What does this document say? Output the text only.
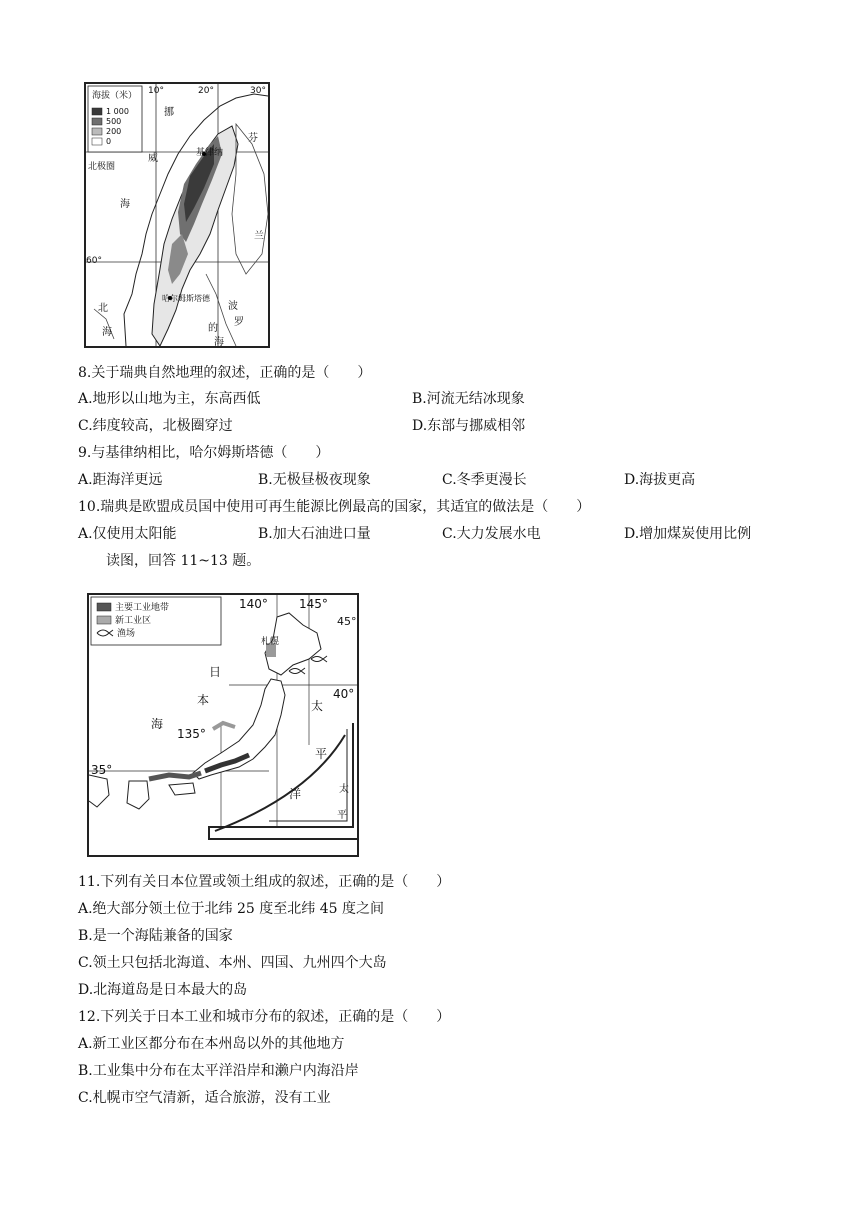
海拔（米）
1 000
500
200
0
10°	20°	30°
北极圈
60°
基律纳
哈尔姆斯塔德
北
海
挪
威
海
波
罗
的
海
芬
兰
8.关于瑞典自然地理的叙述，正确的是（　　）
A.地形以山地为主，东高西低	B.河流无结冰现象
C.纬度较高，北极圈穿过	D.东部与挪威相邻
9.与基律纳相比，哈尔姆斯塔德（　　）
A.距海洋更远	B.无极昼极夜现象	C.冬季更漫长	D.海拔更高
10.瑞典是欧盟成员国中使用可再生能源比例最高的国家，其适宜的做法是（　　）
A.仅使用太阳能	B.加大石油进口量	C.大力发展水电	D.增加煤炭使用比例
读图，回答 11~13 题。
主要工业地带
新工业区
渔场
140°	145°
135°
45°
40°
35°
札幌
日
本
海
太
平
洋	太
平
11.下列有关日本位置或领土组成的叙述，正确的是（　　）
A.绝大部分领土位于北纬 25 度至北纬 45 度之间
B.是一个海陆兼备的国家
C.领土只包括北海道、本州、四国、九州四个大岛
D.北海道岛是日本最大的岛
12.下列关于日本工业和城市分布的叙述，正确的是（　　）
A.新工业区都分布在本州岛以外的其他地方
B.工业集中分布在太平洋沿岸和濑户内海沿岸
C.札幌市空气清新，适合旅游，没有工业
